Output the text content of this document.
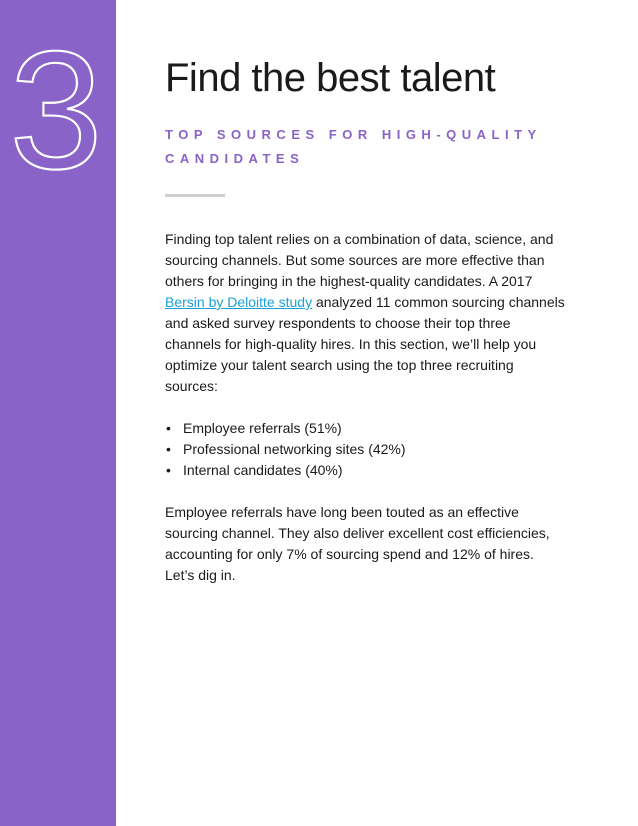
3 Find the best talent
TOP SOURCES FOR HIGH-QUALITY CANDIDATES

Finding top talent relies on a combination of data, science, and sourcing channels. But some sources are more effective than others for bringing in the highest-quality candidates. A 2017 Bersin by Deloitte study analyzed 11 common sourcing channels and asked survey respondents to choose their top three channels for high-quality hires. In this section, we’ll help you optimize your talent search using the top three recruiting sources:

• Employee referrals (51%)
• Professional networking sites (42%)
• Internal candidates (40%)

Employee referrals have long been touted as an effective sourcing channel. They also deliver excellent cost efficiencies, accounting for only 7% of sourcing spend and 12% of hires. Let’s dig in.
